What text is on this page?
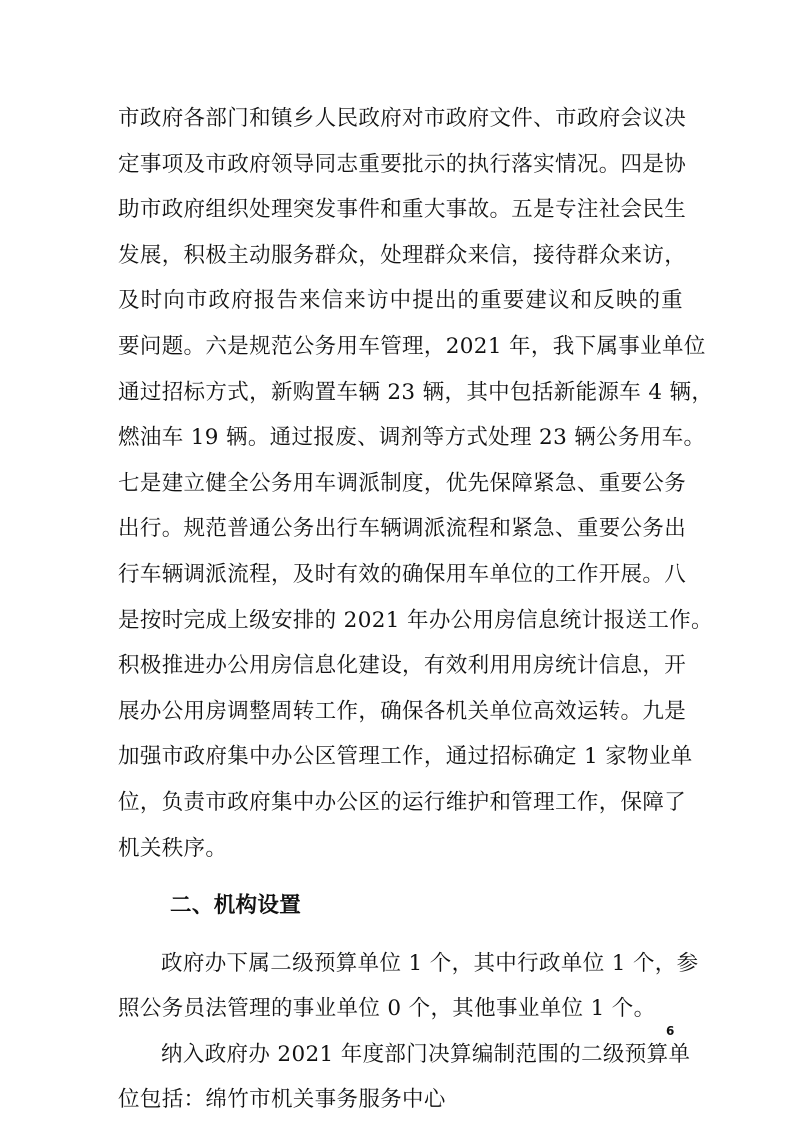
市政府各部门和镇乡人民政府对市政府文件、市政府会议决
定事项及市政府领导同志重要批示的执行落实情况。四是协
助市政府组织处理突发事件和重大事故。五是专注社会民生
发展，积极主动服务群众，处理群众来信，接待群众来访，
及时向市政府报告来信来访中提出的重要建议和反映的重
要问题。六是规范公务用车管理，2021 年，我下属事业单位
通过招标方式，新购置车辆 23 辆，其中包括新能源车 4 辆，
燃油车 19 辆。通过报废、调剂等方式处理 23 辆公务用车。
七是建立健全公务用车调派制度，优先保障紧急、重要公务
出行。规范普通公务出行车辆调派流程和紧急、重要公务出
行车辆调派流程，及时有效的确保用车单位的工作开展。八
是按时完成上级安排的 2021 年办公用房信息统计报送工作。
积极推进办公用房信息化建设，有效利用用房统计信息，开
展办公用房调整周转工作，确保各机关单位高效运转。九是
加强市政府集中办公区管理工作，通过招标确定 1 家物业单
位，负责市政府集中办公区的运行维护和管理工作，保障了
机关秩序。
二、机构设置
政府办下属二级预算单位 1 个，其中行政单位 1 个，参
照公务员法管理的事业单位 0 个，其他事业单位 1 个。
纳入政府办 2021 年度部门决算编制范围的二级预算单
位包括：绵竹市机关事务服务中心
6
